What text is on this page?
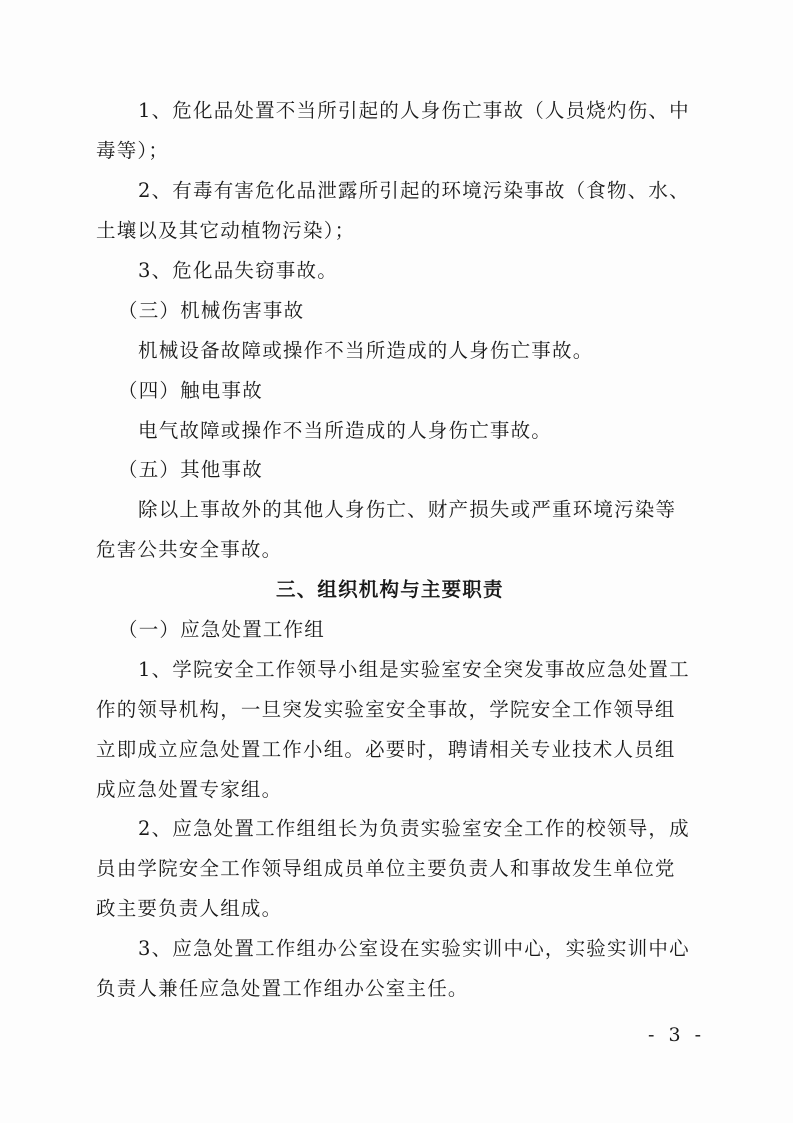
1、危化品处置不当所引起的人身伤亡事故（人员烧灼伤、中
毒等）；
2、有毒有害危化品泄露所引起的环境污染事故（食物、水、
土壤以及其它动植物污染）；
3、危化品失窃事故。
（三）机械伤害事故
机械设备故障或操作不当所造成的人身伤亡事故。
（四）触电事故
电气故障或操作不当所造成的人身伤亡事故。
（五）其他事故
除以上事故外的其他人身伤亡、财产损失或严重环境污染等
危害公共安全事故。
三、组织机构与主要职责
（一）应急处置工作组
1、学院安全工作领导小组是实验室安全突发事故应急处置工
作的领导机构，一旦突发实验室安全事故，学院安全工作领导组
立即成立应急处置工作小组。必要时，聘请相关专业技术人员组
成应急处置专家组。
2、应急处置工作组组长为负责实验室安全工作的校领导，成
员由学院安全工作领导组成员单位主要负责人和事故发生单位党
政主要负责人组成。
3、应急处置工作组办公室设在实验实训中心，实验实训中心
负责人兼任应急处置工作组办公室主任。
- 3 -
